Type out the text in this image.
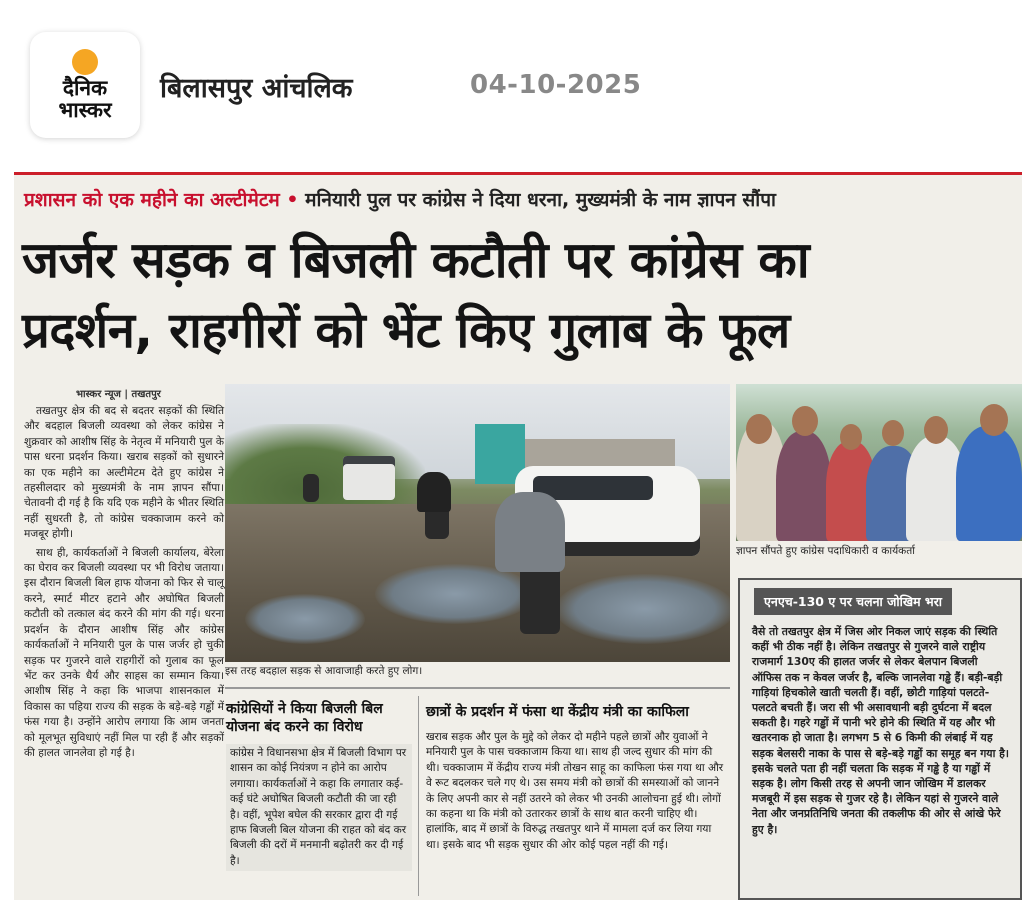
दैनिक
भास्कर
बिलासपुर आंचलिक	04-10-2025
प्रशासन को एक महीने का अल्टीमेटम • मनियारी पुल पर कांग्रेस ने दिया धरना, मुख्यमंत्री के नाम ज्ञापन सौंपा
जर्जर सड़क व बिजली कटौती पर कांग्रेस का
प्रदर्शन, राहगीरों को भेंट किए गुलाब के फूल
भास्कर न्यूज | तखतपुर

तखतपुर क्षेत्र की बद से बदतर सड़कों की स्थिति और बदहाल बिजली व्यवस्था को लेकर कांग्रेस ने शुक्रवार को आशीष सिंह के नेतृत्व में मनियारी पुल के पास धरना प्रदर्शन किया। खराब सड़कों को सुधारने का एक महीने का अल्टीमेटम देते हुए कांग्रेस ने तहसीलदार को मुख्यमंत्री के नाम ज्ञापन सौंपा। चेतावनी दी गई है कि यदि एक महीने के भीतर स्थिति नहीं सुधरती है, तो कांग्रेस चक्काजाम करने को मजबूर होगी।

साथ ही, कार्यकर्ताओं ने बिजली कार्यालय, बेरेला का घेराव कर बिजली व्यवस्था पर भी विरोध जताया। इस दौरान बिजली बिल हाफ योजना को फिर से चालू करने, स्मार्ट मीटर हटाने और अघोषित बिजली कटौती को तत्काल बंद करने की मांग की गई। धरना प्रदर्शन के दौरान आशीष सिंह और कांग्रेस कार्यकर्ताओं ने मनियारी पुल के पास जर्जर हो चुकी सड़क पर गुजरने वाले राहगीरों को गुलाब का फूल भेंट कर उनके धैर्य और साहस का सम्मान किया। आशीष सिंह ने कहा कि भाजपा शासनकाल में विकास का पहिया राज्य की सड़क के बड़े-बड़े गड्ढों में फंस गया है। उन्होंने आरोप लगाया कि आम जनता को मूलभूत सुविधाएं नहीं मिल पा रही हैं और सड़कों की हालत जानलेवा हो गई है।

इस तरह बदहाल सड़क से आवाजाही करते हुए लोग।
ज्ञापन सौंपते हुए कांग्रेस पदाधिकारी व कार्यकर्ता
कांग्रेसियों ने किया बिजली बिल योजना बंद करने का विरोध
कांग्रेस ने विधानसभा क्षेत्र में बिजली विभाग पर शासन का कोई नियंत्रण न होने का आरोप लगाया। कार्यकर्ताओं ने कहा कि लगातार कई-कई घंटे अघोषित बिजली कटौती की जा रही है। वहीं, भूपेश बघेल की सरकार द्वारा दी गई हाफ बिजली बिल योजना की राहत को बंद कर बिजली की दरों में मनमानी बढ़ोतरी कर दी गई है।
छात्रों के प्रदर्शन में फंसा था केंद्रीय मंत्री का काफिला
खराब सड़क और पुल के मुद्दे को लेकर दो महीने पहले छात्रों और युवाओं ने मनियारी पुल के पास चक्काजाम किया था। साथ ही जल्द सुधार की मांग की थी। चक्काजाम में केंद्रीय राज्य मंत्री तोखन साहू का काफिला फंस गया था और वे रूट बदलकर चले गए थे। उस समय मंत्री को छात्रों की समस्याओं को जानने के लिए अपनी कार से नहीं उतरने को लेकर भी उनकी आलोचना हुई थी। लोगों का कहना था कि मंत्री को उतारकर छात्रों के साथ बात करनी चाहिए थी। हालांकि, बाद में छात्रों के विरुद्ध तखतपुर थाने में मामला दर्ज कर लिया गया था। इसके बाद भी सड़क सुधार की ओर कोई पहल नहीं की गई।
एनएच-130 ए पर चलना जोखिम भरा
वैसे तो तखतपुर क्षेत्र में जिस ओर निकल जाएं सड़क की स्थिति कहीं भी ठीक नहीं है। लेकिन तखतपुर से गुजरने वाले राष्ट्रीय राजमार्ग 130ए की हालत जर्जर से लेकर बेलपान बिजली ऑफिस तक न केवल जर्जर है, बल्कि जानलेवा गड्ढे हैं। बड़ी-बड़ी गाड़ियां हिचकोले खाती चलती हैं। वहीं, छोटी गाड़ियां पलटते-पलटते बचती हैं। जरा सी भी असावधानी बड़ी दुर्घटना में बदल सकती है। गहरे गड्ढों में पानी भरे होने की स्थिति में यह और भी खतरनाक हो जाता है। लगभग 5 से 6 किमी की लंबाई में यह सड़क बेलसरी नाका के पास से बड़े-बड़े गड्ढों का समूह बन गया है। इसके चलते पता ही नहीं चलता कि सड़क में गड्ढे है या गड्ढों में सड़क है। लोग किसी तरह से अपनी जान जोखिम में डालकर मजबूरी में इस सड़क से गुजर रहे है। लेकिन यहां से गुजरने वाले नेता और जनप्रतिनिधि जनता की तकलीफ की ओर से आंखे फेरे हुए है।
